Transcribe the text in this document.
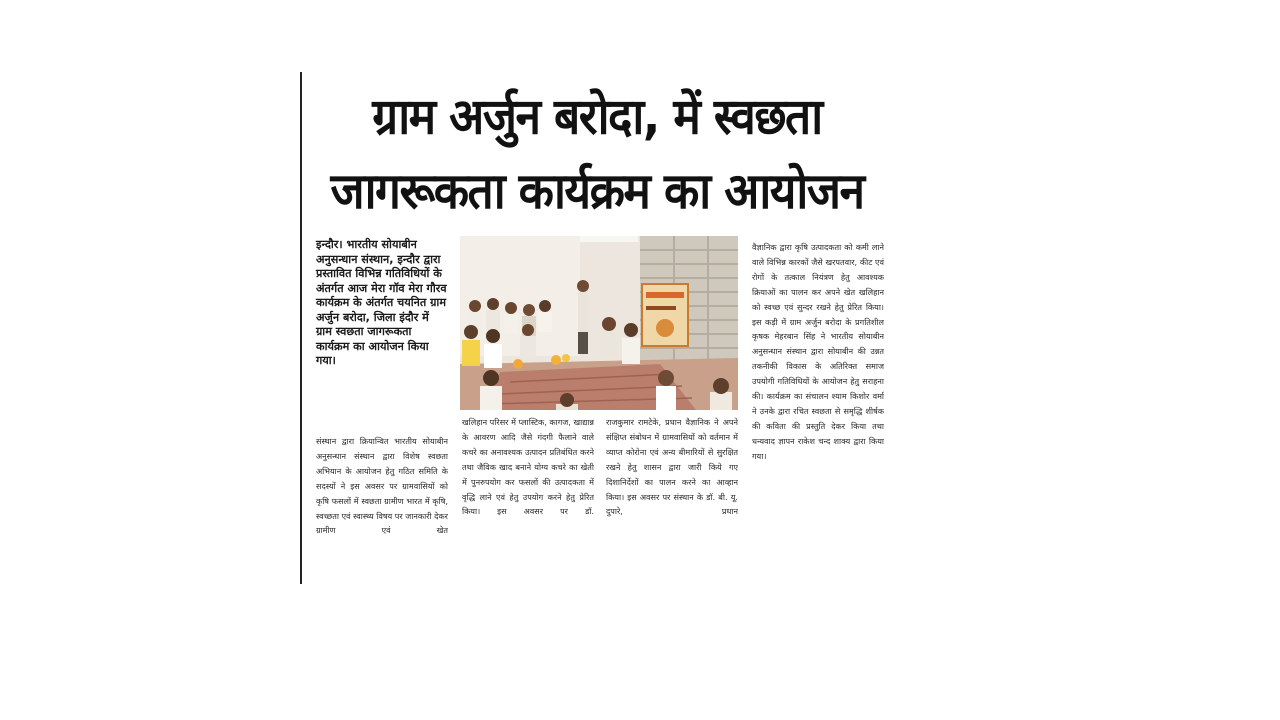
ग्राम अर्जुन बरोदा, में स्वछता
जागरूकता कार्यक्रम का आयोजन
इन्दौर। भारतीय सोयाबीन अनुसन्धान संस्थान, इन्दौर द्वारा प्रस्तावित विभिन्न गतिविधियों के अंतर्गत आज मेरा गॉव मेरा गौरव कार्यक्रम के अंतर्गत चयनित ग्राम अर्जुन बरोदा, जिला इंदौर में ग्राम स्वछता जागरूकता कार्यक्रम का आयोजन किया गया।

संस्थान द्वारा क्रियान्वित भारतीय सोयाबीन अनुसन्धान संस्थान द्वारा विशेष स्वछता अभियान के आयोजन हेतु गठित समिति के सदस्यों ने इस अवसर पर ग्रामवासियों को कृषि फसलों में स्वछता ग्रामीण भारत में कृषि, स्वच्छता एवं स्वास्थ्य विषय पर जानकारी देकर ग्रामीण एवं खेत

खलिहान परिसर में प्लास्टिक, कागज, खाद्यान्न के आवरण आदि जैसे गंदगी फैलाने वाले कचरे का अनावश्यक उत्पादन प्रतिबंधित करने तथा जैविक खाद बनाने योग्य कचरे का खेती में पुनरुपयोग कर फसलों की उत्पादकता में वृद्धि लाने एवं हेतु उपयोग करने हेतु प्रेरित किया। इस अवसर पर डॉ.

राजकुमार रामटेके, प्रधान वैज्ञानिक ने अपने संक्षिप्त संबोधन में ग्रामवासियों को वर्तमान में व्याप्त कोरोना एवं अन्य बीमारियों से सुरक्षित रखने हेतु शासन द्वारा जारी किये गए दिशानिर्देशों का पालन करने का आव्हान किया। इस अवसर पर संस्थान के डॉ. बी. यू. दुपारे, प्रधान

वैज्ञानिक द्वारा कृषि उत्पादकता को कमी लाने वाले विभिन्न कारकों जैसे खरपतवार, कीट एवं रोगों के तत्काल नियंत्रण हेतु आवश्यक क्रियाओं का पालन कर अपने खेत खलिहान को स्वच्छ एवं सुन्दर रखने हेतु प्रेरित किया। इस कड़ी में ग्राम अर्जुन बरोदा के प्रगतिशील कृषक मेहरबान सिंह ने भारतीय सोयाबीन अनुसन्धान संस्थान द्वारा सोयाबीन की उन्नत तकनीकी विकास के अतिरिक्त समाज उपयोगी गतिविधियों के आयोजन हेतु सराहना की। कार्यक्रम का संचालन श्याम किशोर वर्मा ने उनके द्वारा रचित स्वछता से समृद्धि शीर्षक की कविता की प्रस्तुति देकर किया तथा धन्यवाद ज्ञापन राकेश चन्द शाक्य द्वारा किया गया।
